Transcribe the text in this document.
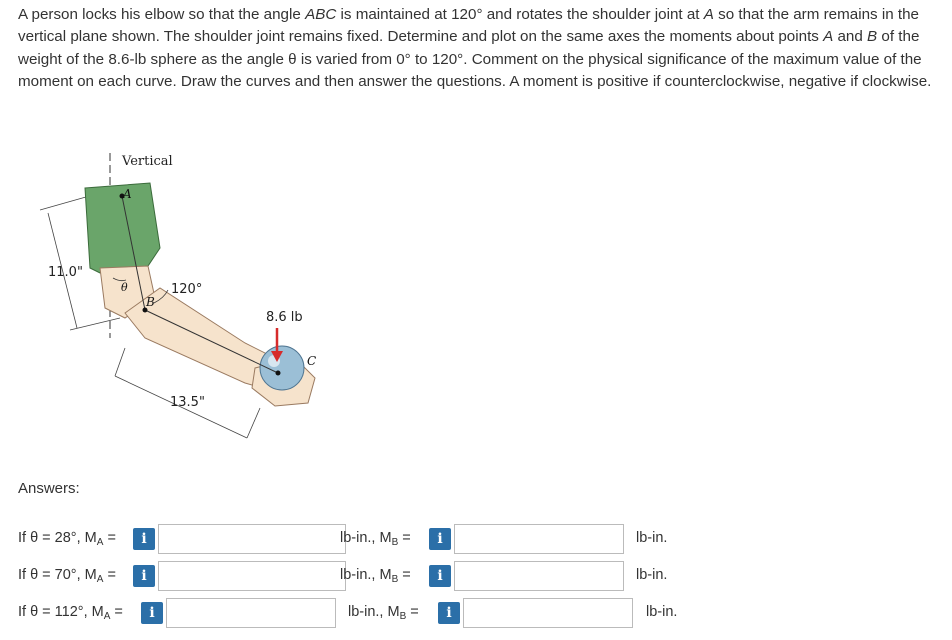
A person locks his elbow so that the angle ABC is maintained at 120° and rotates the shoulder joint at A so that the arm remains in the vertical plane shown. The shoulder joint remains fixed. Determine and plot on the same axes the moments about points A and B of the weight of the 8.6-lb sphere as the angle θ is varied from 0° to 120°. Comment on the physical significance of the maximum value of the moment on each curve. Draw the curves and then answer the questions. A moment is positive if counterclockwise, negative if clockwise.
Vertical
11.0"
A
B
C
θ	120°
8.6 lb
13.5"
Answers:
If θ = 28°, $M_A$ =	i	lb-in., $M_B$ =	i	lb-in.
If θ = 70°, $M_A$ =	i	lb-in., $M_B$ =	i	lb-in.
If θ = 112°, $M_A$ =	i	lb-in., $M_B$ =	i	lb-in.
